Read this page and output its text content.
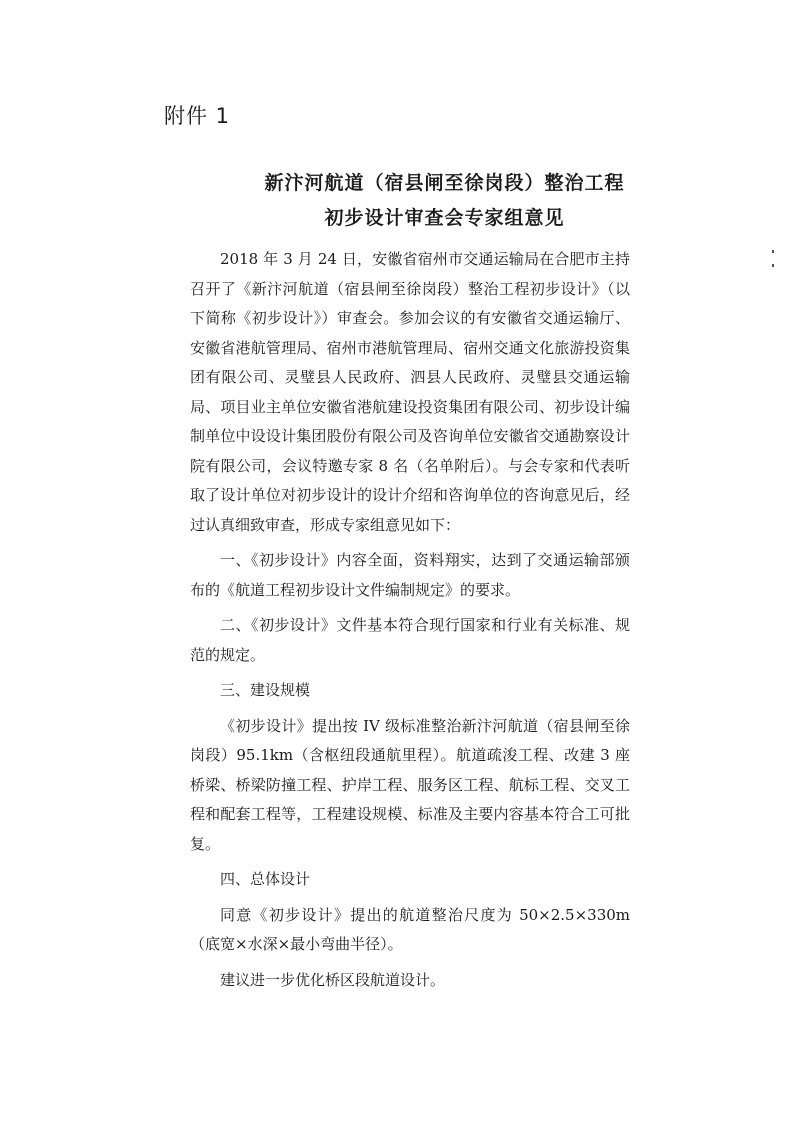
附件 1
新汴河航道（宿县闸至徐岗段）整治工程
初步设计审查会专家组意见

2018 年 3 月 24 日，安徽省宿州市交通运输局在合肥市主持召开了《新汴河航道（宿县闸至徐岗段）整治工程初步设计》（以下简称《初步设计》）审查会。参加会议的有安徽省交通运输厅、安徽省港航管理局、宿州市港航管理局、宿州交通文化旅游投资集团有限公司、灵璧县人民政府、泗县人民政府、灵璧县交通运输局、项目业主单位安徽省港航建设投资集团有限公司、初步设计编制单位中设设计集团股份有限公司及咨询单位安徽省交通勘察设计院有限公司，会议特邀专家 8 名（名单附后）。与会专家和代表听取了设计单位对初步设计的设计介绍和咨询单位的咨询意见后，经过认真细致审查，形成专家组意见如下：

一、《初步设计》内容全面，资料翔实，达到了交通运输部颁布的《航道工程初步设计文件编制规定》的要求。

二、《初步设计》文件基本符合现行国家和行业有关标准、规范的规定。

三、建设规模

《初步设计》提出按 IV 级标准整治新汴河航道（宿县闸至徐岗段）95.1km（含枢纽段通航里程）。航道疏浚工程、改建 3 座桥梁、桥梁防撞工程、护岸工程、服务区工程、航标工程、交叉工程和配套工程等，工程建设规模、标准及主要内容基本符合工可批复。

四、总体设计

同意《初步设计》提出的航道整治尺度为 50×2.5×330m（底宽×水深×最小弯曲半径）。

建议进一步优化桥区段航道设计。
